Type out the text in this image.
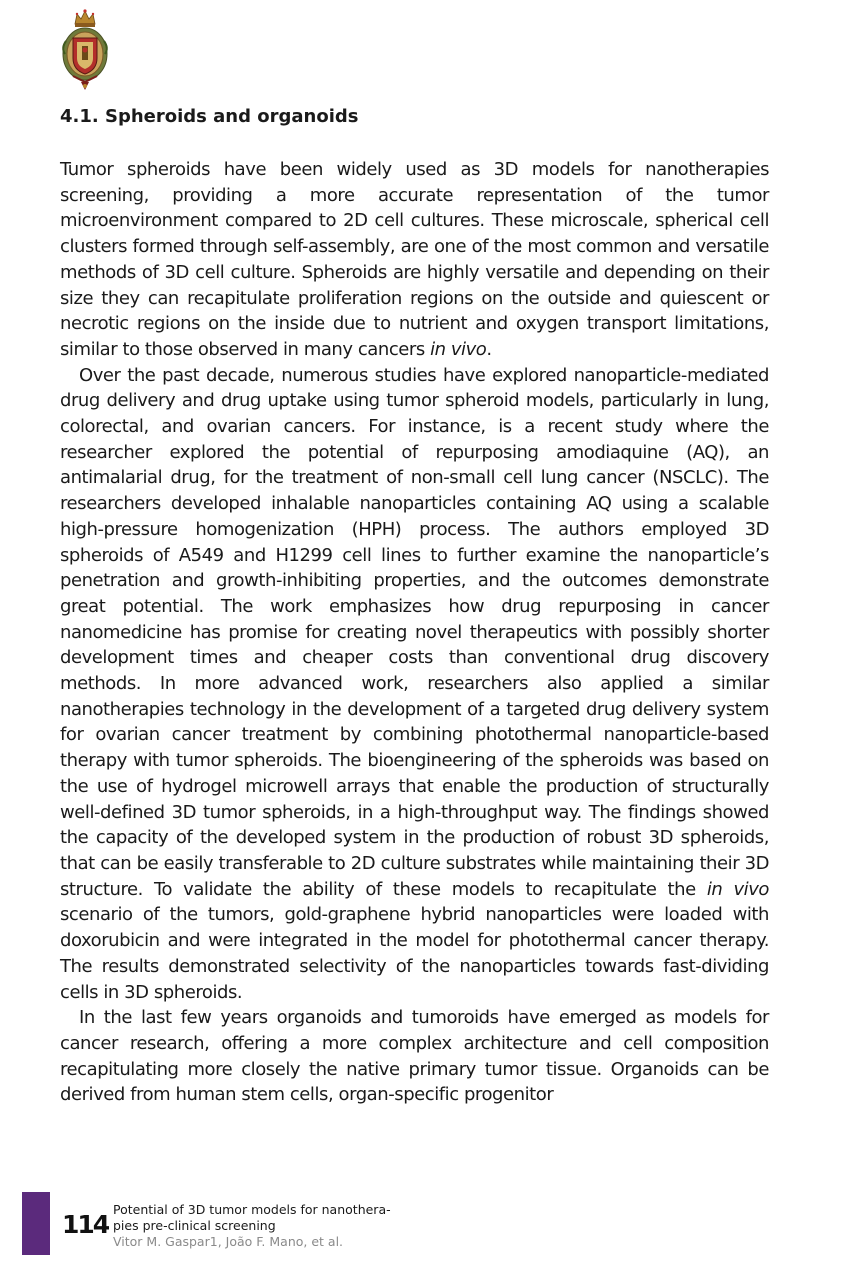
4.1. Spheroids and organoids

Tumor spheroids have been widely used as 3D models for nanotherapies screening, providing a more accurate representation of the tumor microenvironment compared to 2D cell cultures. These microscale, spherical cell clusters formed through self-assembly, are one of the most common and versatile methods of 3D cell culture. Spheroids are highly versatile and depending on their size they can recapitulate proliferation regions on the outside and quiescent or necrotic regions on the inside due to nutrient and oxygen transport limitations, similar to those observed in many cancers in vivo.

Over the past decade, numerous studies have explored nanoparticle-mediated drug delivery and drug uptake using tumor spheroid models, particularly in lung, colorectal, and ovarian cancers. For instance, is a recent study where the researcher explored the potential of repurposing amodiaquine (AQ), an antimalarial drug, for the treatment of non-small cell lung cancer (NSCLC). The researchers developed inhalable nanoparticles containing AQ using a scalable high-pressure homogenization (HPH) process. The authors employed 3D spheroids of A549 and H1299 cell lines to further examine the nanoparticle’s penetration and growth-inhibiting properties, and the outcomes demonstrate great potential. The work emphasizes how drug repurposing in cancer nanomedicine has promise for creating novel therapeutics with possibly shorter development times and cheaper costs than conventional drug discovery methods. In more advanced work, researchers also applied a similar nanotherapies technology in the development of a targeted drug delivery system for ovarian cancer treatment by combining photothermal nanoparticle-based therapy with tumor spheroids. The bioengineering of the spheroids was based on the use of hydrogel microwell arrays that enable the production of structurally well-defined 3D tumor spheroids, in a high-throughput way. The findings showed the capacity of the developed system in the production of robust 3D spheroids, that can be easily transferable to 2D culture substrates while maintaining their 3D structure. To validate the ability of these models to recapitulate the in vivo scenario of the tumors, gold-graphene hybrid nanoparticles were loaded with doxorubicin and were integrated in the model for photothermal cancer therapy. The results demonstrated selectivity of the nanoparticles towards fast-dividing cells in 3D spheroids.

In the last few years organoids and tumoroids have emerged as models for cancer research, offering a more complex architecture and cell composition recapitulating more closely the native primary tumor tissue. Organoids can be derived from human stem cells, organ-specific progenitor

114
Potential of 3D tumor models for nanothera-
pies pre-clinical screening
Vitor M. Gaspar1, João F. Mano, et al.
